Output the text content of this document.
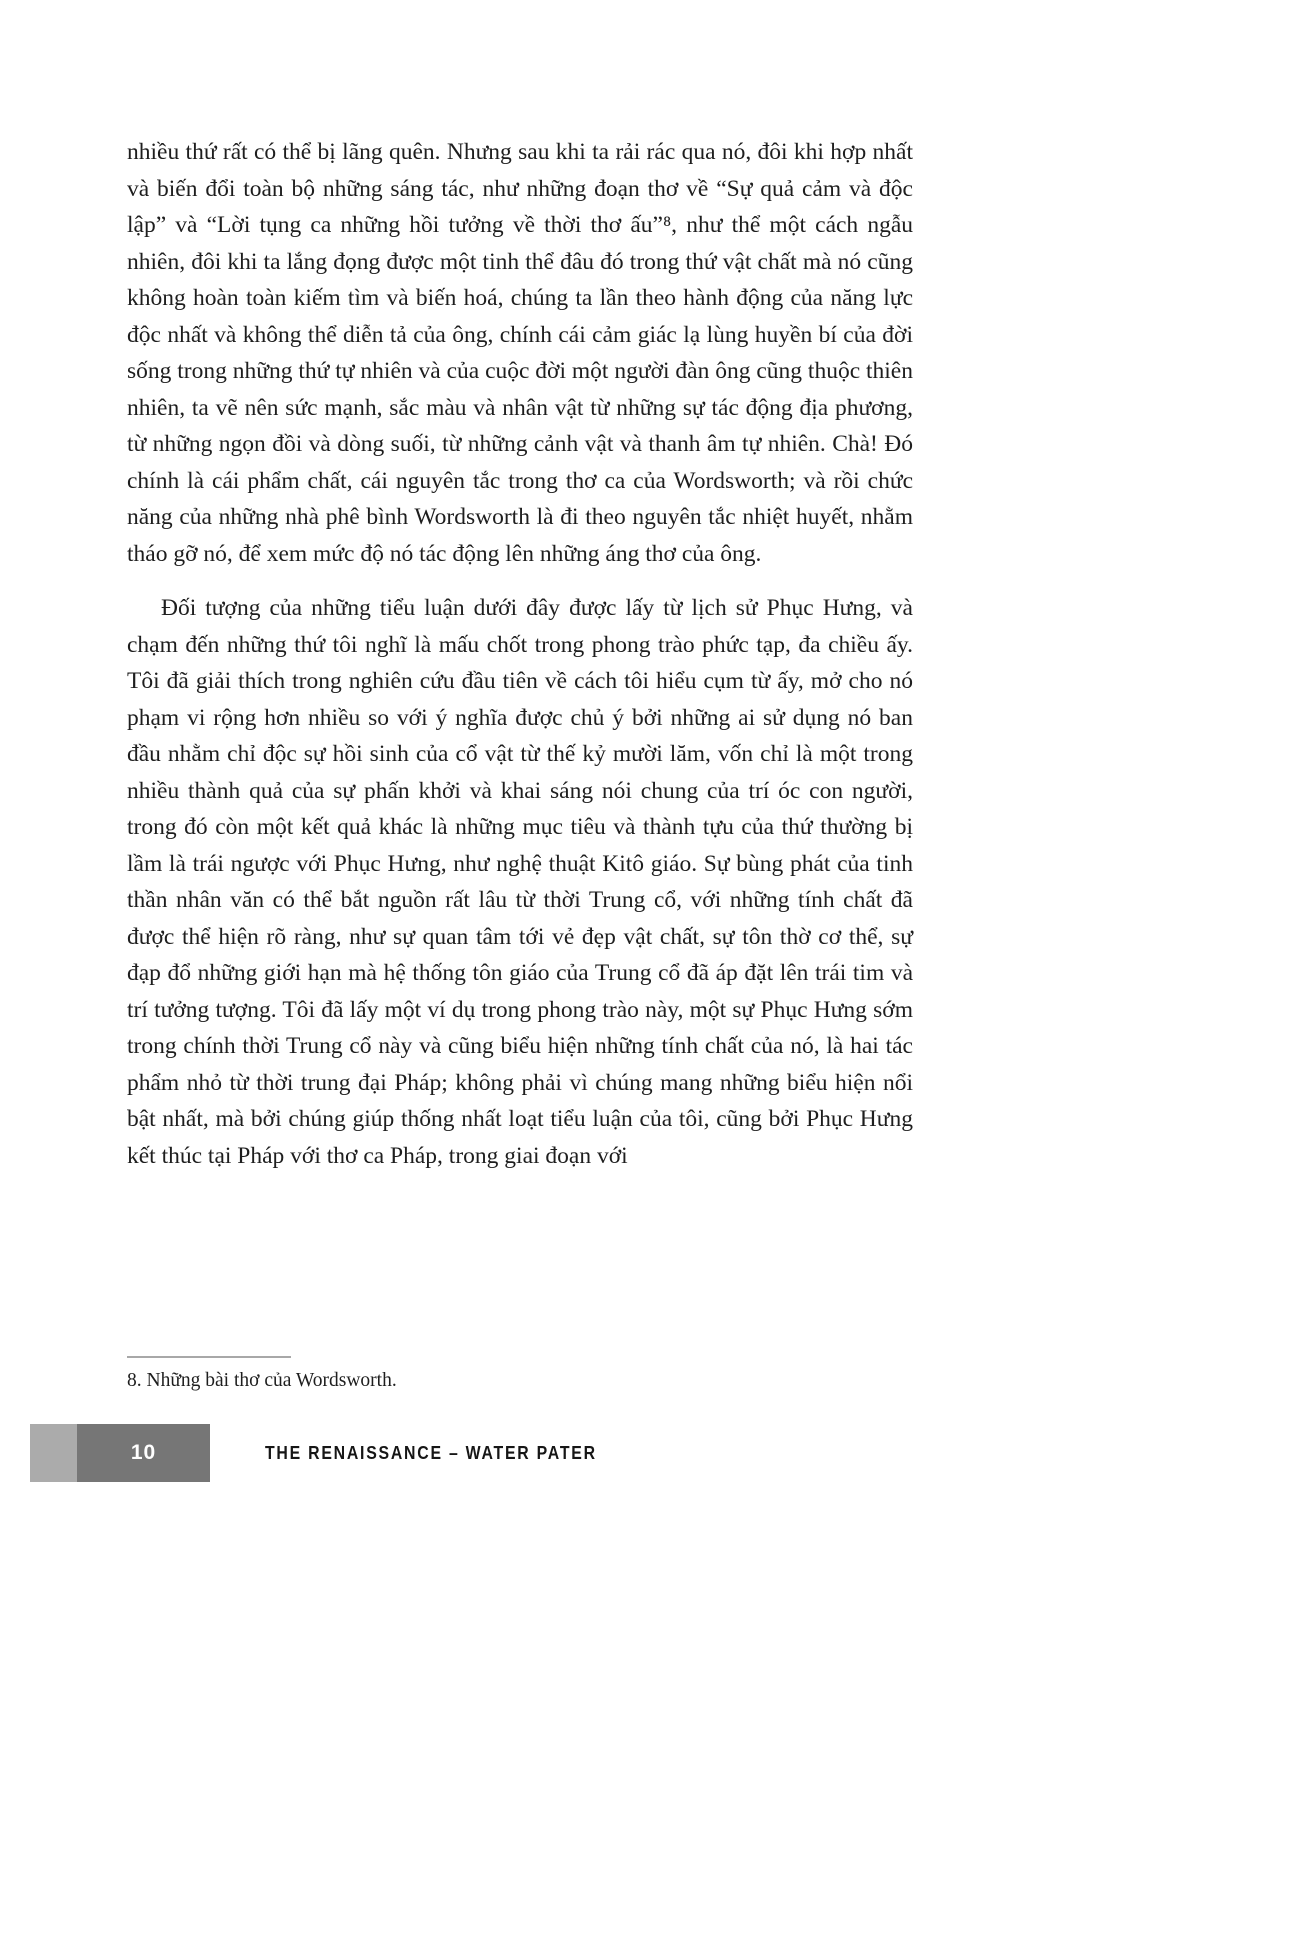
nhiều thứ rất có thể bị lãng quên. Nhưng sau khi ta rải rác qua nó, đôi khi hợp nhất và biến đổi toàn bộ những sáng tác, như những đoạn thơ về “Sự quả cảm và độc lập” và “Lời tụng ca những hồi tưởng về thời thơ ấu”⁸, như thể một cách ngẫu nhiên, đôi khi ta lắng đọng được một tinh thể đâu đó trong thứ vật chất mà nó cũng không hoàn toàn kiếm tìm và biến hoá, chúng ta lần theo hành động của năng lực độc nhất và không thể diễn tả của ông, chính cái cảm giác lạ lùng huyền bí của đời sống trong những thứ tự nhiên và của cuộc đời một người đàn ông cũng thuộc thiên nhiên, ta vẽ nên sức mạnh, sắc màu và nhân vật từ những sự tác động địa phương, từ những ngọn đồi và dòng suối, từ những cảnh vật và thanh âm tự nhiên. Chà! Đó chính là cái phẩm chất, cái nguyên tắc trong thơ ca của Wordsworth; và rồi chức năng của những nhà phê bình Wordsworth là đi theo nguyên tắc nhiệt huyết, nhằm tháo gỡ nó, để xem mức độ nó tác động lên những áng thơ của ông.

Đối tượng của những tiểu luận dưới đây được lấy từ lịch sử Phục Hưng, và chạm đến những thứ tôi nghĩ là mấu chốt trong phong trào phức tạp, đa chiều ấy. Tôi đã giải thích trong nghiên cứu đầu tiên về cách tôi hiểu cụm từ ấy, mở cho nó phạm vi rộng hơn nhiều so với ý nghĩa được chủ ý bởi những ai sử dụng nó ban đầu nhằm chỉ độc sự hồi sinh của cổ vật từ thế kỷ mười lăm, vốn chỉ là một trong nhiều thành quả của sự phấn khởi và khai sáng nói chung của trí óc con người, trong đó còn một kết quả khác là những mục tiêu và thành tựu của thứ thường bị lầm là trái ngược với Phục Hưng, như nghệ thuật Kitô giáo. Sự bùng phát của tinh thần nhân văn có thể bắt nguồn rất lâu từ thời Trung cổ, với những tính chất đã được thể hiện rõ ràng, như sự quan tâm tới vẻ đẹp vật chất, sự tôn thờ cơ thể, sự đạp đổ những giới hạn mà hệ thống tôn giáo của Trung cổ đã áp đặt lên trái tim và trí tưởng tượng. Tôi đã lấy một ví dụ trong phong trào này, một sự Phục Hưng sớm trong chính thời Trung cổ này và cũng biểu hiện những tính chất của nó, là hai tác phẩm nhỏ từ thời trung đại Pháp; không phải vì chúng mang những biểu hiện nổi bật nhất, mà bởi chúng giúp thống nhất loạt tiểu luận của tôi, cũng bởi Phục Hưng kết thúc tại Pháp với thơ ca Pháp, trong giai đoạn với

8. Những bài thơ của Wordsworth.

10	THE RENAISSANCE – WATER PATER
